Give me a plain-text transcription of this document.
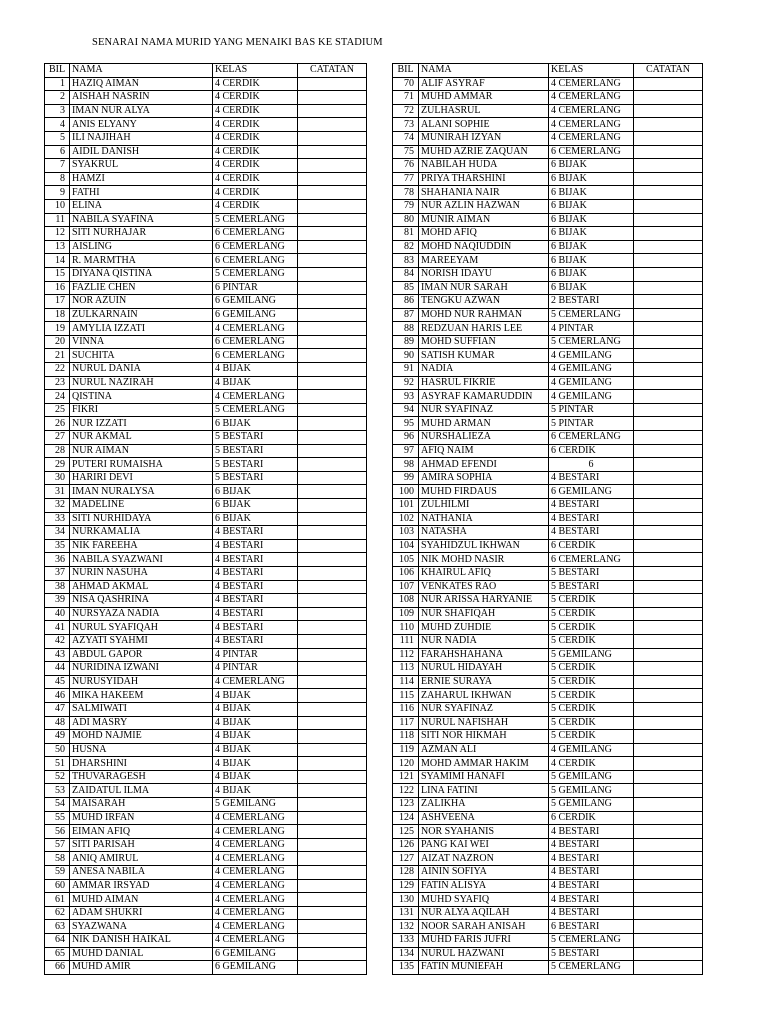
SENARAI NAMA MURID YANG MENAIKI BAS KE STADIUM
BIL	NAMA	KELAS	CATATAN
1	HAZIQ AIMAN	4 CERDIK	
2	AISHAH NASRIN	4 CERDIK	
3	IMAN NUR ALYA	4 CERDIK	
4	ANIS ELYANY	4 CERDIK	
5	ILI NAJIHAH	4 CERDIK	
6	AIDIL DANISH	4 CERDIK	
7	SYAKRUL	4 CERDIK	
8	HAMZI	4 CERDIK	
9	FATHI	4 CERDIK	
10	ELINA	4 CERDIK	
11	NABILA SYAFINA	5 CEMERLANG	
12	SITI NURHAJAR	6 CEMERLANG	
13	AISLING	6 CEMERLANG	
14	R. MARMTHA	6 CEMERLANG	
15	DIYANA QISTINA	5 CEMERLANG	
16	FAZLIE CHEN	6 PINTAR	
17	NOR AZUIN	6 GEMILANG	
18	ZULKARNAIN	6 GEMILANG	
19	AMYLIA IZZATI	4 CEMERLANG	
20	VINNA	6 CEMERLANG	
21	SUCHITA	6 CEMERLANG	
22	NURUL DANIA	4 BIJAK	
23	NURUL NAZIRAH	4 BIJAK	
24	QISTINA	4 CEMERLANG	
25	FIKRI	5 CEMERLANG	
26	NUR IZZATI	6 BIJAK	
27	NUR AKMAL	5 BESTARI	
28	NUR AIMAN	5 BESTARI	
29	PUTERI RUMAISHA	5 BESTARI	
30	HARIRI DEVI	5 BESTARI	
31	IMAN NURALYSA	6 BIJAK	
32	MADELINE	6 BIJAK	
33	SITI NURHIDAYA	6 BIJAK	
34	NURKAMALIA	4 BESTARI	
35	NIK FAREEHA	4 BESTARI	
36	NABILA SYAZWANI	4 BESTARI	
37	NURIN NASUHA	4 BESTARI	
38	AHMAD AKMAL	4 BESTARI	
39	NISA QASHRINA	4 BESTARI	
40	NURSYAZA NADIA	4 BESTARI	
41	NURUL SYAFIQAH	4 BESTARI	
42	AZYATI SYAHMI	4 BESTARI	
43	ABDUL GAPOR	4 PINTAR	
44	NURIDINA IZWANI	4 PINTAR	
45	NURUSYIDAH	4 CEMERLANG	
46	MIKA HAKEEM	4 BIJAK	
47	SALMIWATI	4 BIJAK	
48	ADI MASRY	4 BIJAK	
49	MOHD NAJMIE	4 BIJAK	
50	HUSNA	4 BIJAK	
51	DHARSHINI	4 BIJAK	
52	THUVARAGESH	4 BIJAK	
53	ZAIDATUL ILMA	4 BIJAK	
54	MAISARAH	5 GEMILANG	
55	MUHD IRFAN	4 CEMERLANG	
56	EIMAN AFIQ	4 CEMERLANG	
57	SITI PARISAH	4 CEMERLANG	
58	ANIQ AMIRUL	4 CEMERLANG	
59	ANESA NABILA	4 CEMERLANG	
60	AMMAR IRSYAD	4 CEMERLANG	
61	MUHD AIMAN	4 CEMERLANG	
62	ADAM SHUKRI	4 CEMERLANG	
63	SYAZWANA	4 CEMERLANG	
64	NIK DANISH HAIKAL	4 CEMERLANG	
65	MUHD DANIAL	6 GEMILANG	
66	MUHD AMIR	6 GEMILANG	
BIL	NAMA	KELAS	CATATAN
70	ALIF ASYRAF	4 CEMERLANG	
71	MUHD AMMAR	4 CEMERLANG	
72	ZULHASRUL	4 CEMERLANG	
73	ALANI SOPHIE	4 CEMERLANG	
74	MUNIRAH IZYAN	4 CEMERLANG	
75	MUHD AZRIE ZAQUAN	6 CEMERLANG	
76	NABILAH HUDA	6 BIJAK	
77	PRIYA THARSHINI	6 BIJAK	
78	SHAHANIA NAIR	6 BIJAK	
79	NUR AZLIN HAZWAN	6 BIJAK	
80	MUNIR AIMAN	6 BIJAK	
81	MOHD AFIQ	6 BIJAK	
82	MOHD NAQIUDDIN	6 BIJAK	
83	MAREEYAM	6 BIJAK	
84	NORISH IDAYU	6 BIJAK	
85	IMAN NUR SARAH	6 BIJAK	
86	TENGKU AZWAN	2 BESTARI	
87	MOHD NUR RAHMAN	5 CEMERLANG	
88	REDZUAN HARIS LEE	4 PINTAR	
89	MOHD SUFFIAN	5 CEMERLANG	
90	SATISH KUMAR	4 GEMILANG	
91	NADIA	4 GEMILANG	
92	HASRUL FIKRIE	4 GEMILANG	
93	ASYRAF KAMARUDDIN	4 GEMILANG	
94	NUR SYAFINAZ	5 PINTAR	
95	MUHD ARMAN	5 PINTAR	
96	NURSHALIEZA	6 CEMERLANG	
97	AFIQ NAIM	6 CERDIK	
98	AHMAD EFENDI	6	
99	AMIRA SOPHIA	4 BESTARI	
100	MUHD FIRDAUS	6 GEMILANG	
101	ZULHILMI	4 BESTARI	
102	NATHANIA	4 BESTARI	
103	NATASHA	4 BESTARI	
104	SYAHIDZUL IKHWAN	6 CERDIK	
105	NIK MOHD NASIR	6 CEMERLANG	
106	KHAIRUL AFIQ	5 BESTARI	
107	VENKATES RAO	5 BESTARI	
108	NUR ARISSA HARYANIE	5 CERDIK	
109	NUR SHAFIQAH	5 CERDIK	
110	MUHD ZUHDIE	5 CERDIK	
111	NUR NADIA	5 CERDIK	
112	FARAHSHAHANA	5 GEMILANG	
113	NURUL HIDAYAH	5 CERDIK	
114	ERNIE SURAYA	5 CERDIK	
115	ZAHARUL IKHWAN	5 CERDIK	
116	NUR SYAFINAZ	5 CERDIK	
117	NURUL NAFISHAH	5 CERDIK	
118	SITI NOR HIKMAH	5 CERDIK	
119	AZMAN ALI	4 GEMILANG	
120	MOHD AMMAR HAKIM	4 CERDIK	
121	SYAMIMI HANAFI	5 GEMILANG	
122	LINA FATINI	5 GEMILANG	
123	ZALIKHA	5 GEMILANG	
124	ASHVEENA	6 CERDIK	
125	NOR SYAHANIS	4 BESTARI	
126	PANG KAI WEI	4 BESTARI	
127	AIZAT NAZRON	4 BESTARI	
128	AININ SOFIYA	4 BESTARI	
129	FATIN ALISYA	4 BESTARI	
130	MUHD SYAFIQ	4 BESTARI	
131	NUR ALYA AQILAH	4 BESTARI	
132	NOOR SARAH ANISAH	6 BESTARI	
133	MUHD FARIS JUFRI	5 CEMERLANG	
134	NURUL HAZWANI	5 BESTARI	
135	FATIN MUNIEFAH	5 CEMERLANG	
